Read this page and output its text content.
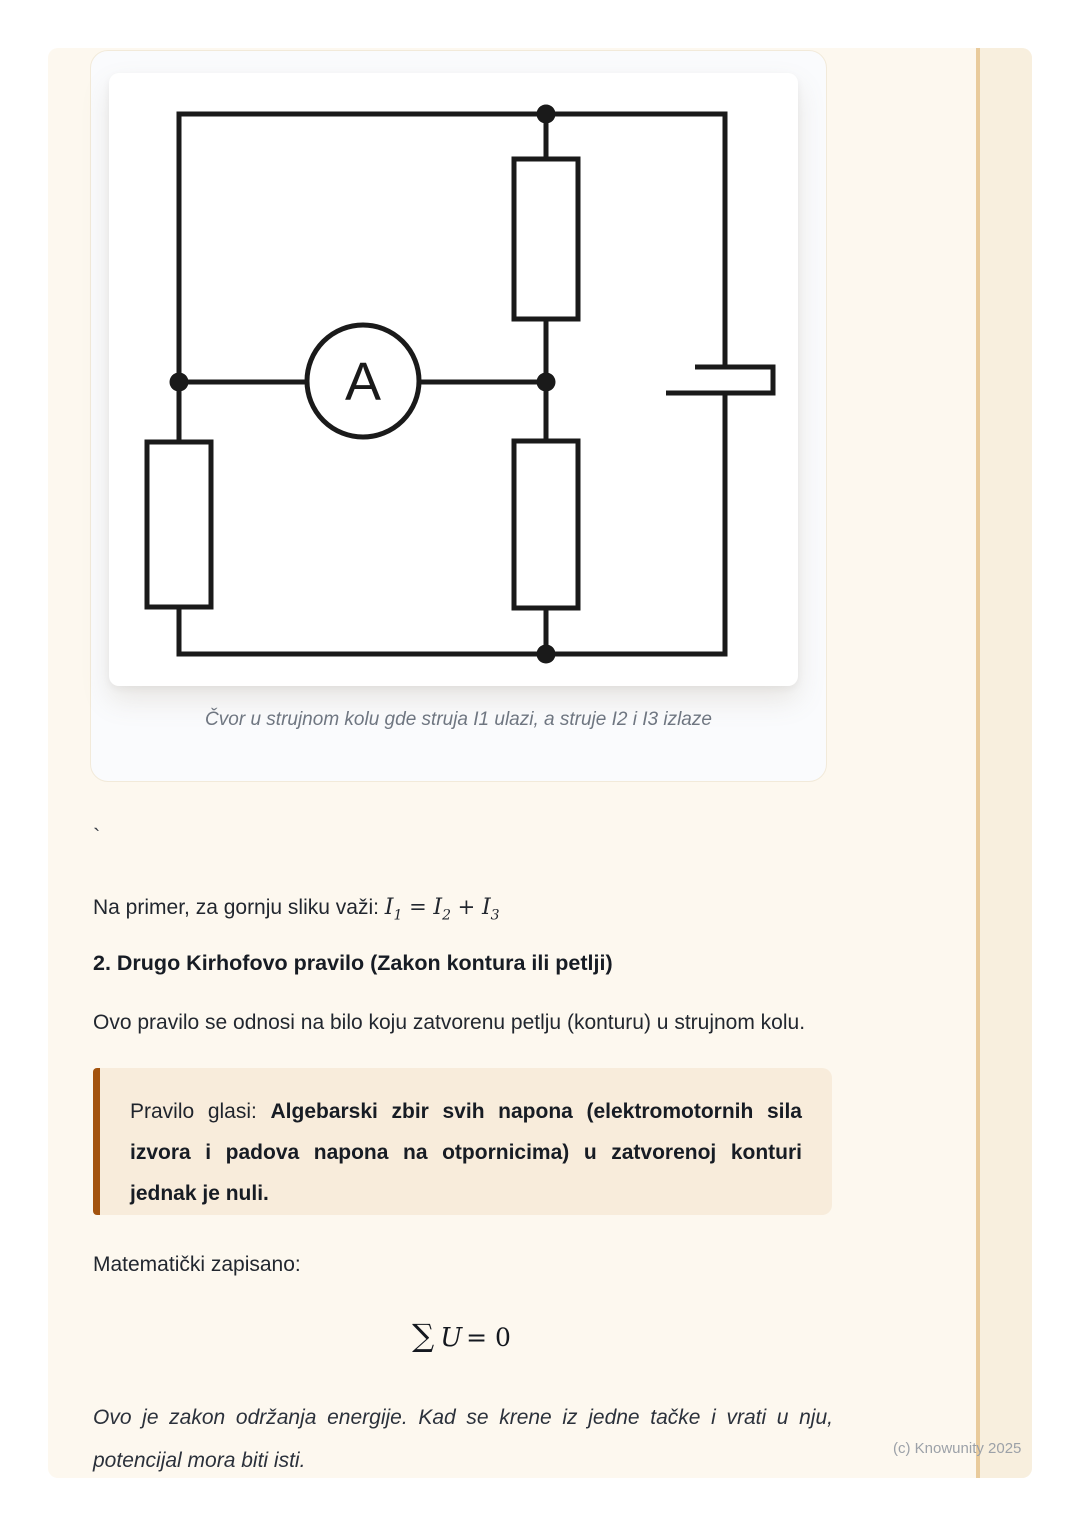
A
Čvor u strujnom kolu gde struja I1 ulazi, a struje I2 i I3 izlaze
`
Na primer, za gornju sliku važi: $I_1 = I_2 + I_3$
2. Drugo Kirhofovo pravilo (Zakon kontura ili petlji)
Ovo pravilo se odnosi na bilo koju zatvorenu petlju (konturu) u strujnom kolu.
Pravilo glasi: Algebarski zbir svih napona (elektromotornih sila izvora i padova napona na otpornicima) u zatvorenoj konturi jednak je nuli.
Matematički zapisano:
∑ U = 0
Ovo je zakon održanja energije. Kad se krene iz jedne tačke i vrati u nju, potencijal mora biti isti.
(c) Knowunity 2025
